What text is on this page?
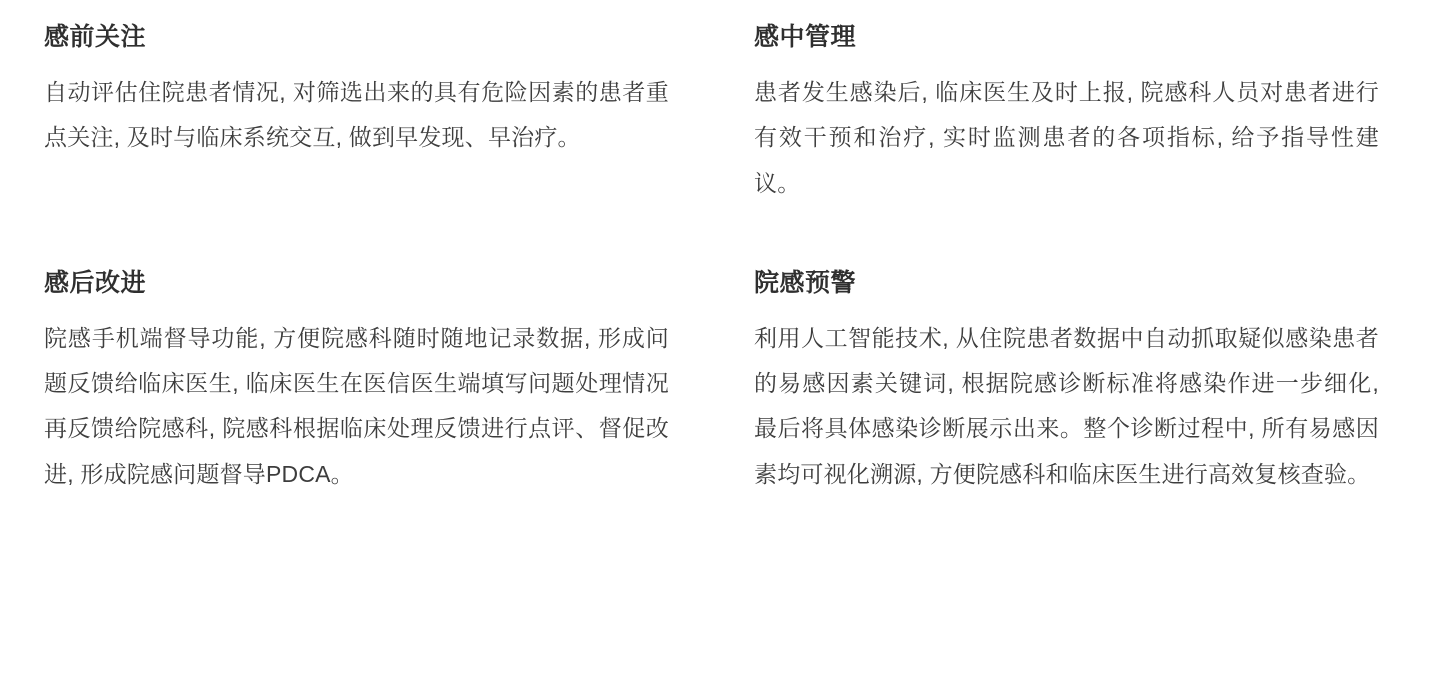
感前关注

自动评估住院患者情况, 对筛选出来的具有危险因素的患者重点关注, 及时与临床系统交互, 做到早发现、早治疗。

感中管理

患者发生感染后, 临床医生及时上报, 院感科人员对患者进行有效干预和治疗, 实时监测患者的各项指标, 给予指导性建议。

感后改进

院感手机端督导功能, 方便院感科随时随地记录数据, 形成问题反馈给临床医生, 临床医生在医信医生端填写问题处理情况再反馈给院感科, 院感科根据临床处理反馈进行点评、督促改进, 形成院感问题督导PDCA。

院感预警

利用人工智能技术, 从住院患者数据中自动抓取疑似感染患者的易感因素关键词, 根据院感诊断标准将感染作进一步细化, 最后将具体感染诊断展示出来。整个诊断过程中, 所有易感因素均可视化溯源, 方便院感科和临床医生进行高效复核查验。
